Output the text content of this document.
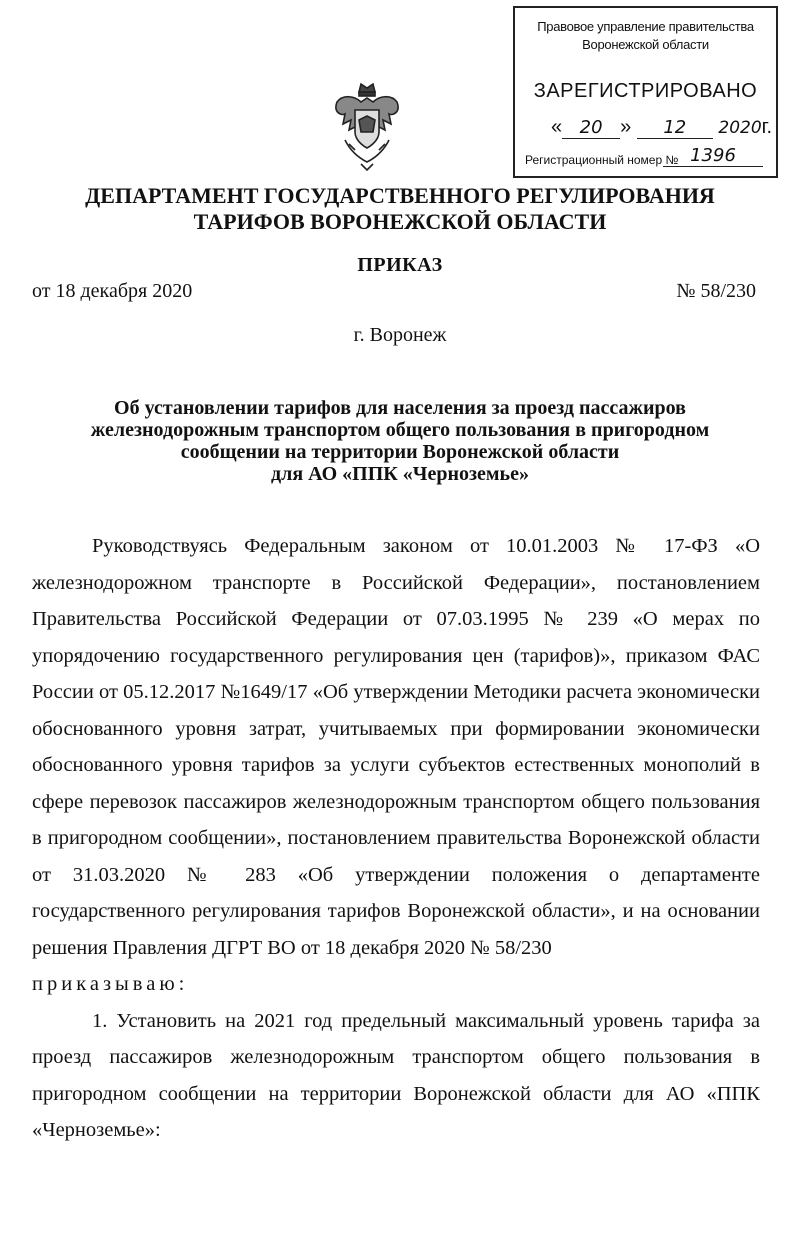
Правовое управление правительства
Воронежской области
ЗАРЕГИСТРИРОВАНО
« 20 » 12 2020г.
Регистрационный номер № 1396
ДЕПАРТАМЕНТ ГОСУДАРСТВЕННОГО РЕГУЛИРОВАНИЯ
ТАРИФОВ ВОРОНЕЖСКОЙ ОБЛАСТИ
ПРИКАЗ
от 18 декабря 2020	№ 58/230
г. Воронеж
Об установлении тарифов для населения за проезд пассажиров
железнодорожным транспортом общего пользования в пригородном
сообщении на территории Воронежской области
для АО «ППК «Черноземье»

Руководствуясь Федеральным законом от 10.01.2003 № 17-ФЗ «О железнодорожном транспорте в Российской Федерации», постановлением Правительства Российской Федерации от 07.03.1995 № 239 «О мерах по упорядочению государственного регулирования цен (тарифов)», приказом ФАС России от 05.12.2017 №1649/17 «Об утверждении Методики расчета экономически обоснованного уровня затрат, учитываемых при формировании экономически обоснованного уровня тарифов за услуги субъектов естественных монополий в сфере перевозок пассажиров железнодорожным транспортом общего пользования в пригородном сообщении», постановлением правительства Воронежской области от 31.03.2020 № 283 «Об утверждении положения о департаменте государственного регулирования тарифов Воронежской области», и на основании решения Правления ДГРТ ВО от 18 декабря 2020 № 58/230

приказываю:

1. Установить на 2021 год предельный максимальный уровень тарифа за проезд пассажиров железнодорожным транспортом общего пользования в пригородном сообщении на территории Воронежской области для АО «ППК «Черноземье»:
